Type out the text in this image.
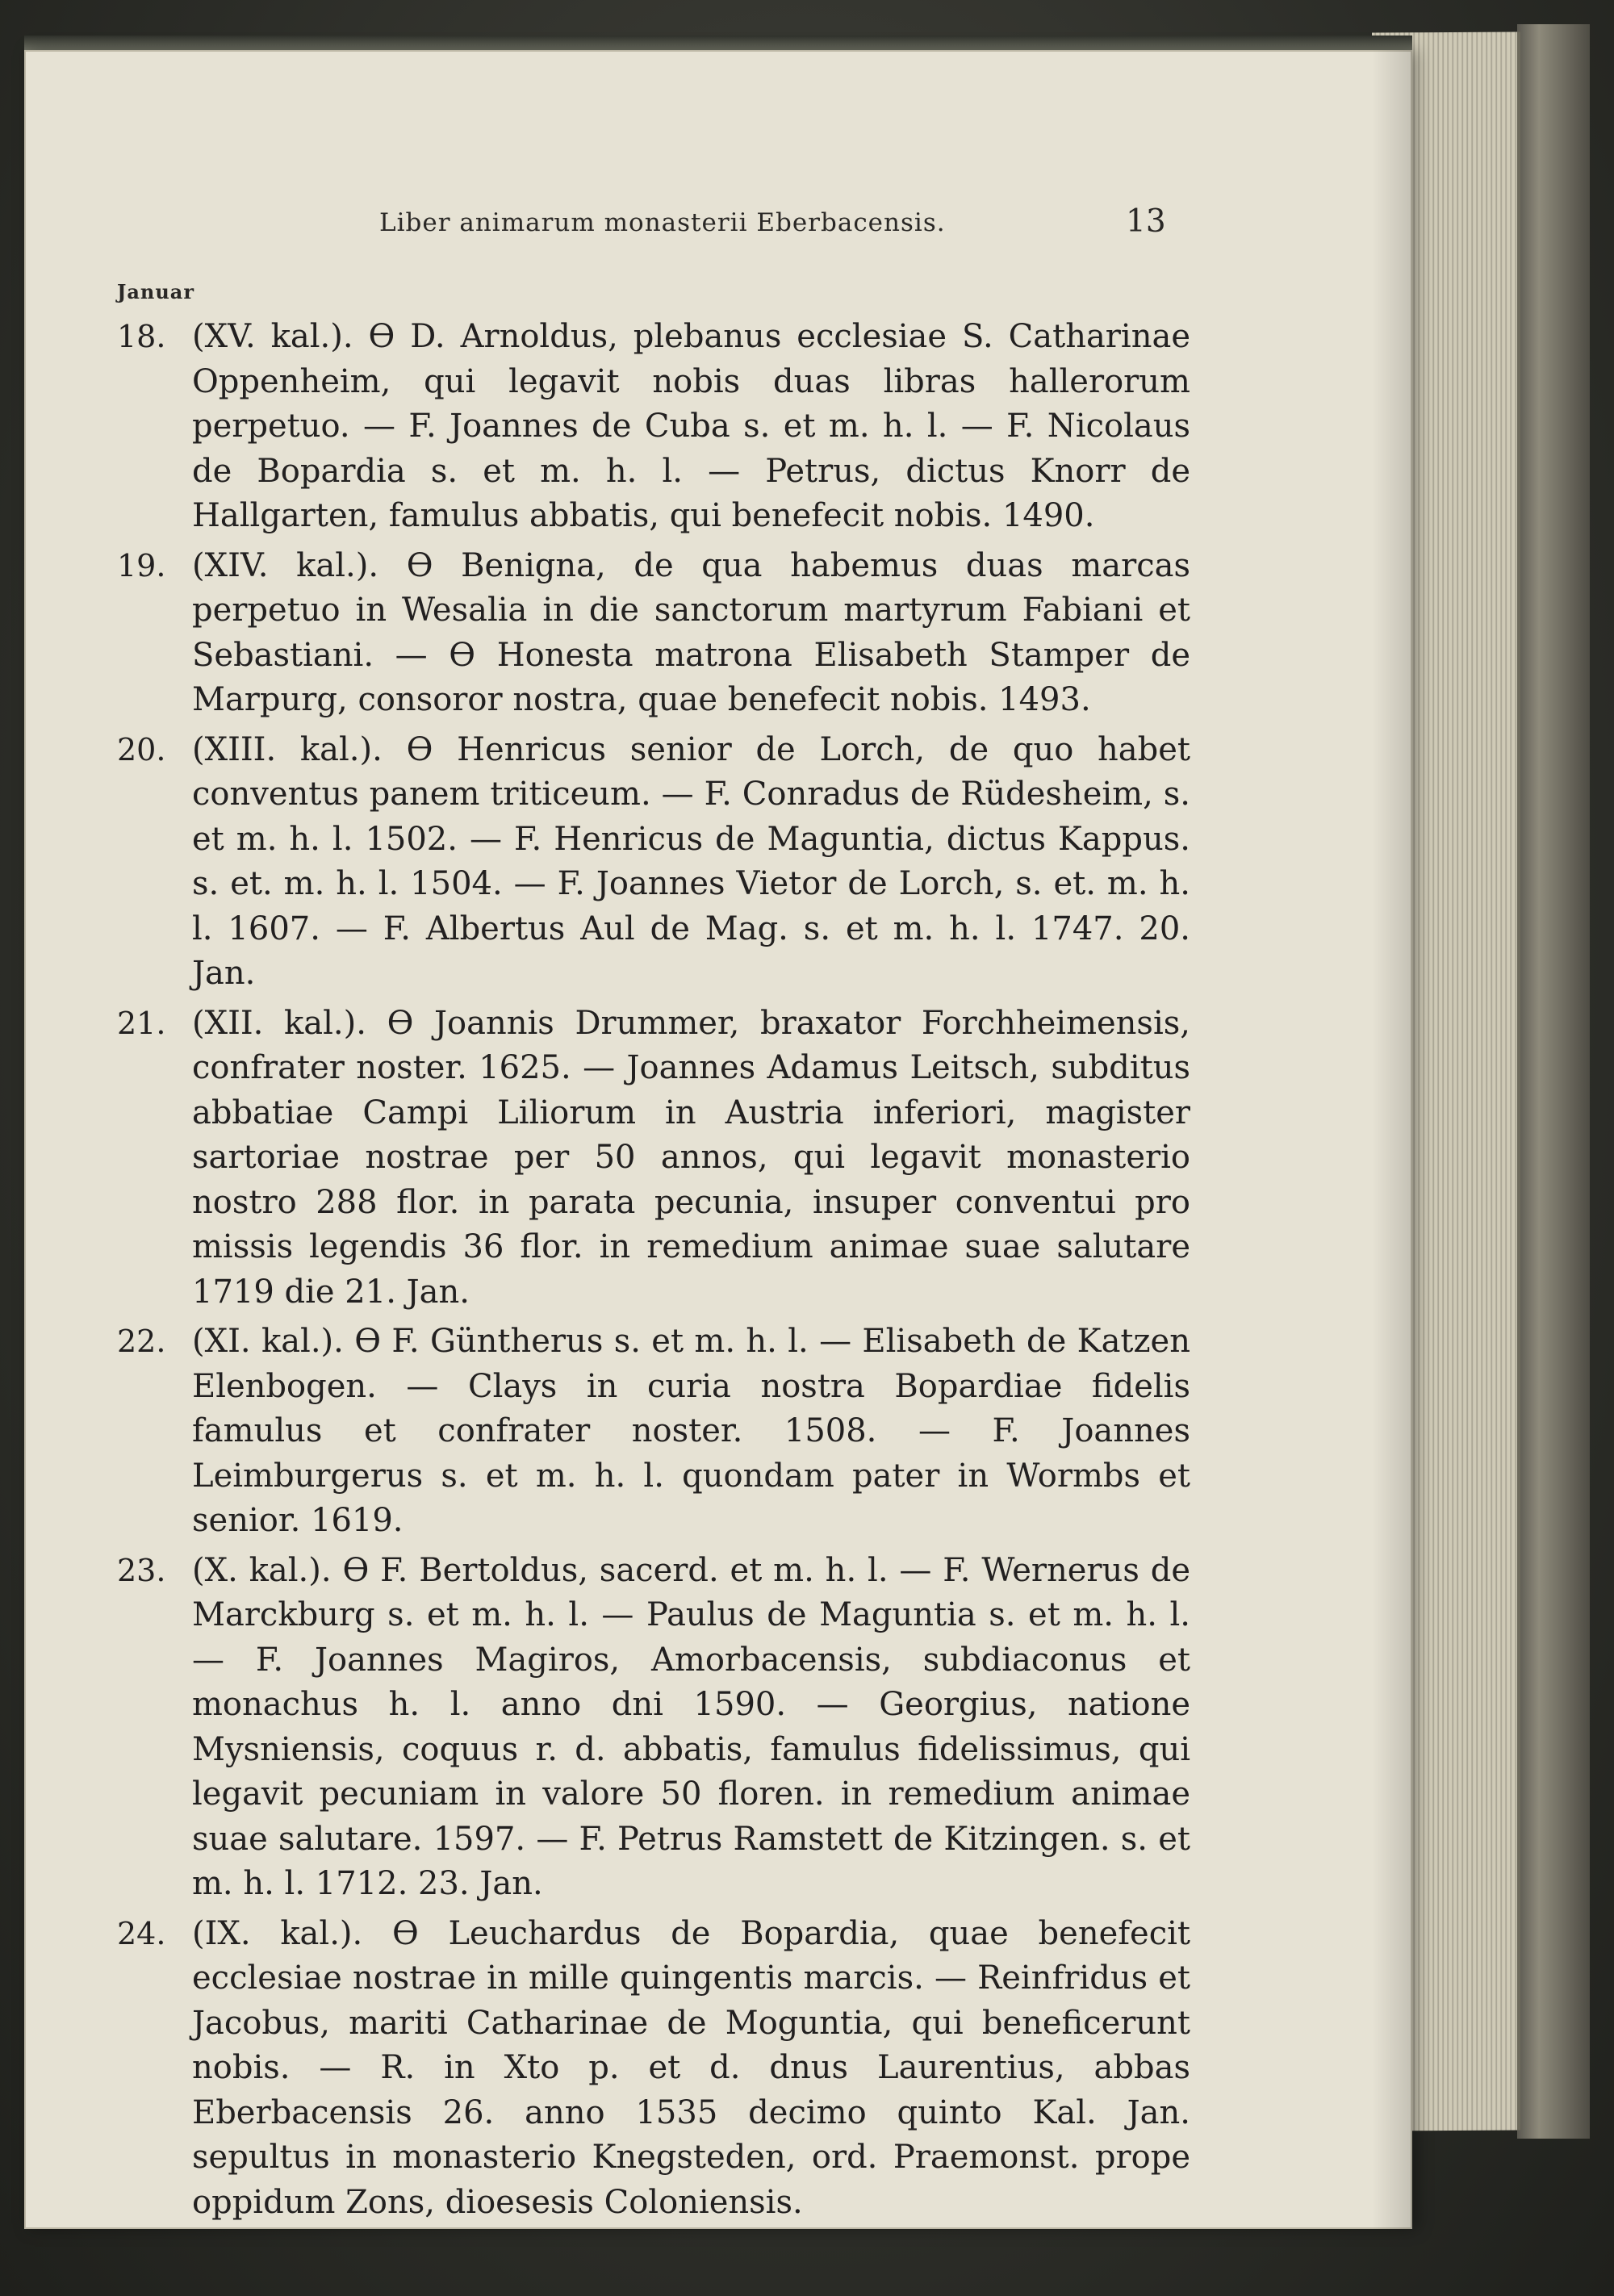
Liber animarum monasterii Eberbacensis.	13
Januar
18. (XV. kal.). ϴ D. Arnoldus, plebanus ecclesiae S. Catharinae Oppenheim, qui legavit nobis duas libras hallerorum perpetuo. — F. Joannes de Cuba s. et m. h. l. — F. Nicolaus de Bopardia s. et m. h. l. — Petrus, dictus Knorr de Hallgarten, famulus abbatis, qui benefecit nobis. 1490.
19. (XIV. kal.). ϴ Benigna, de qua habemus duas marcas perpetuo in Wesalia in die sanctorum martyrum Fabiani et Sebastiani. — ϴ Honesta matrona Elisabeth Stamper de Marpurg, consoror nostra, quae benefecit nobis. 1493.
20. (XIII. kal.). ϴ Henricus senior de Lorch, de quo habet conventus panem triticeum. — F. Conradus de Rüdesheim, s. et m. h. l. 1502. — F. Henricus de Maguntia, dictus Kappus. s. et. m. h. l. 1504. — F. Joannes Vietor de Lorch, s. et. m. h. l. 1607. — F. Albertus Aul de Mag. s. et m. h. l. 1747. 20. Jan.
21. (XII. kal.). ϴ Joannis Drummer, braxator Forchheimensis, confrater noster. 1625. — Joannes Adamus Leitsch, subditus abbatiae Campi Liliorum in Austria inferiori, magister sartoriae nostrae per 50 annos, qui legavit monasterio nostro 288 flor. in parata pecunia, insuper conventui pro missis legendis 36 flor. in remedium animae suae salutare 1719 die 21. Jan.
22. (XI. kal.). ϴ F. Güntherus s. et m. h. l. — Elisabeth de Katzen Elenbogen. — Clays in curia nostra Bopardiae fidelis famulus et confrater noster. 1508. — F. Joannes Leimburgerus s. et m. h. l. quondam pater in Wormbs et senior. 1619.
23. (X. kal.). ϴ F. Bertoldus, sacerd. et m. h. l. — F. Wernerus de Marckburg s. et m. h. l. — Paulus de Maguntia s. et m. h. l. — F. Joannes Magiros, Amorbacensis, subdiaconus et monachus h. l. anno dni 1590. — Georgius, natione Mysniensis, coquus r. d. abbatis, famulus fidelissimus, qui legavit pecuniam in valore 50 floren. in remedium animae suae salutare. 1597. — F. Petrus Ramstett de Kitzingen. s. et m. h. l. 1712. 23. Jan.
24. (IX. kal.). ϴ Leuchardus de Bopardia, quae benefecit ecclesiae nostrae in mille quingentis marcis. — Reinfridus et Jacobus, mariti Catharinae de Moguntia, qui beneficerunt nobis. — R. in Xto p. et d. dnus Laurentius, abbas Eberbacensis 26. anno 1535 decimo quinto Kal. Jan. sepultus in monasterio Knegsteden, ord. Praemonst. prope oppidum Zons, dioesesis Coloniensis.
